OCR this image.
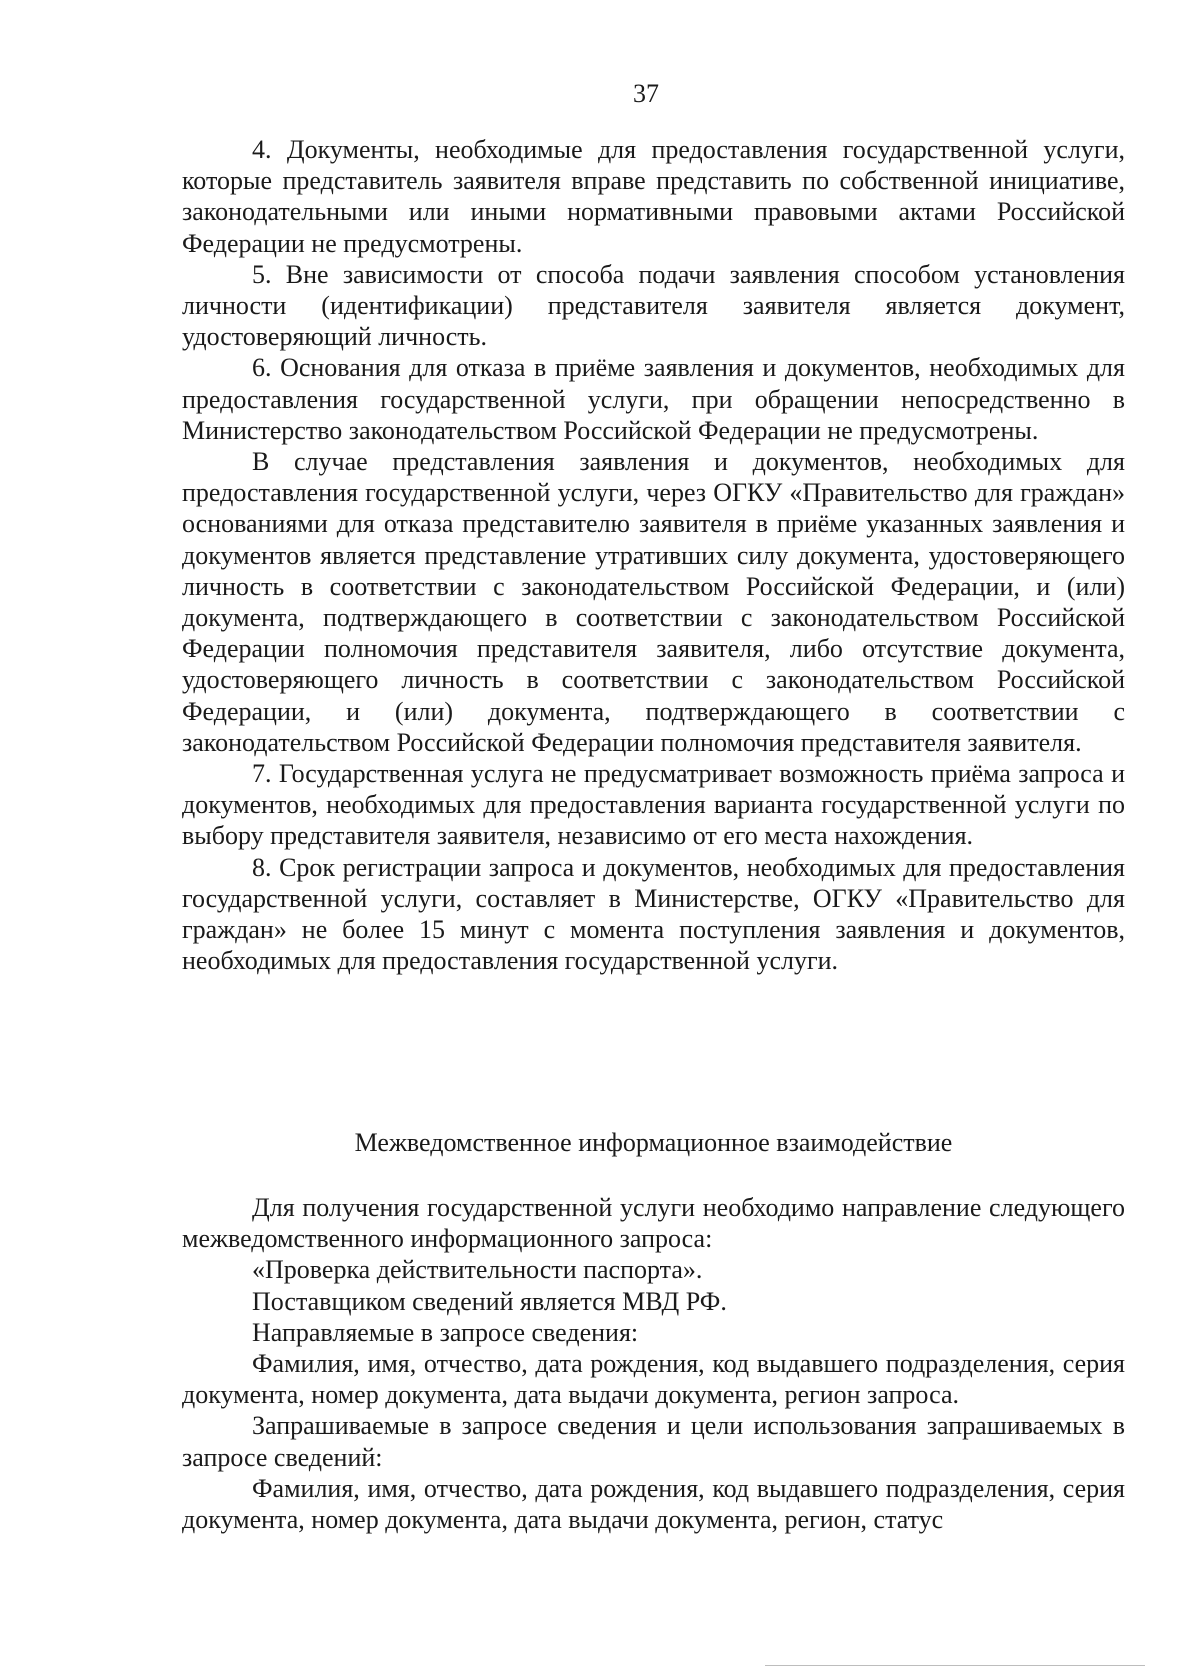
37

4. Документы, необходимые для предоставления государственной услуги, которые представитель заявителя вправе представить по собственной инициативе, законодательными или иными нормативными правовыми актами Российской Федерации не предусмотрены.

5. Вне зависимости от способа подачи заявления способом установления личности (идентификации) представителя заявителя является документ, удостоверяющий личность.

6. Основания для отказа в приёме заявления и документов, необходимых для предоставления государственной услуги, при обращении непосредственно в Министерство законодательством Российской Федерации не предусмотрены.

В случае представления заявления и документов, необходимых для предоставления государственной услуги, через ОГКУ «Правительство для граждан» основаниями для отказа представителю заявителя в приёме указанных заявления и документов является представление утративших силу документа, удостоверяющего личность в соответствии с законодательством Российской Федерации, и (или) документа, подтверждающего в соответствии с законодательством Российской Федерации полномочия представителя заявителя, либо отсутствие документа, удостоверяющего личность в соответствии с законодательством Российской Федерации, и (или) документа, подтверждающего в соответствии с законодательством Российской Федерации полномочия представителя заявителя.

7. Государственная услуга не предусматривает возможность приёма запроса и документов, необходимых для предоставления варианта государственной услуги по выбору представителя заявителя, независимо от его места нахождения.

8. Срок регистрации запроса и документов, необходимых для предоставления государственной услуги, составляет в Министерстве, ОГКУ «Правительство для граждан» не более 15 минут с момента поступления заявления и документов, необходимых для предоставления государственной услуги.

Межведомственное информационное взаимодействие

Для получения государственной услуги необходимо направление следующего межведомственного информационного запроса:

«Проверка действительности паспорта».

Поставщиком сведений является МВД РФ.

Направляемые в запросе сведения:

Фамилия, имя, отчество, дата рождения, код выдавшего подразделения, серия документа, номер документа, дата выдачи документа, регион запроса.

Запрашиваемые в запросе сведения и цели использования запрашиваемых в запросе сведений:

Фамилия, имя, отчество, дата рождения, код выдавшего подразделения, серия документа, номер документа, дата выдачи документа, регион, статус
